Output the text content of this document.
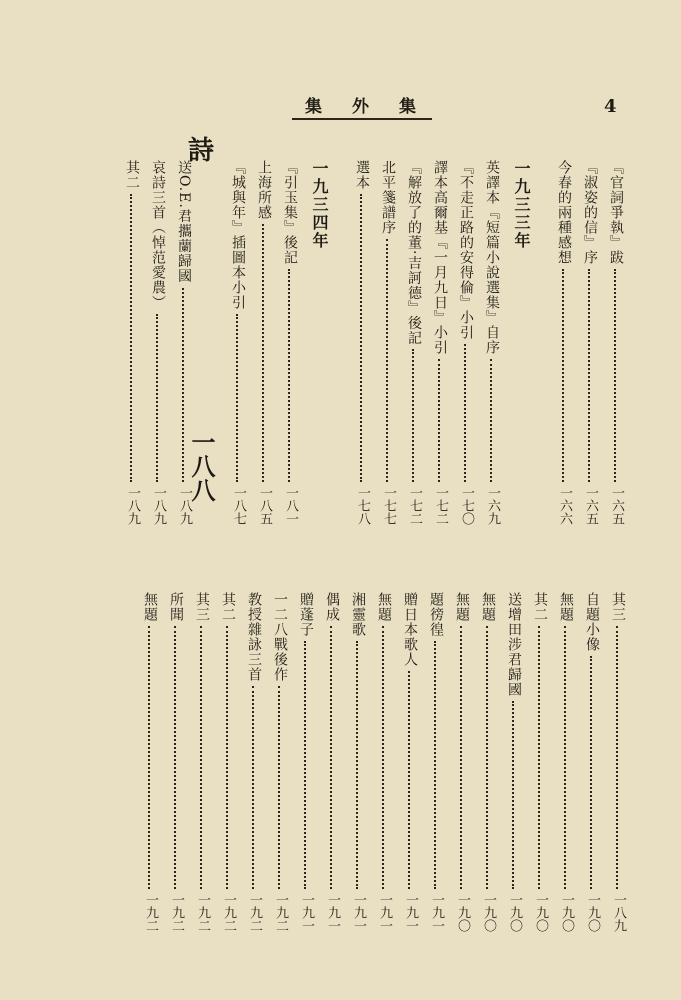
集外集	4
詩
一八八
『官詞爭執』跋
一六五
『淑姿的信』序
一六五
今春的兩種感想
一六六
一九三三年
英譯本『短篇小說選集』自序
一六九
『不走正路的安得倫』小引
一七〇
譯本高爾基『一月九日』小引
一七二
『解放了的董·吉訶德』後記
一七二
北平箋譜序
一七七
選本
一七八
一九三四年
『引玉集』後記
一八一
上海所感
一八五
『城與年』插圖本小引
一八七
送O.E.君攜蘭歸國
一八九
哀詩三首（悼范愛農）
一八九
其二
一八九
其三
一八九
自題小像
一九〇
無題
一九〇
其二
一九〇
送增田涉君歸國
一九〇
無題
一九〇
無題
一九〇
題徬徨
一九一
贈日本歌人
一九一
無題
一九一
湘靈歌
一九一
偶成
一九一
贈蓬子
一九一
一二八戰後作
一九二
教授雜詠三首
一九二
其二
一九二
其三
一九二
所聞
一九二
無題
一九二
